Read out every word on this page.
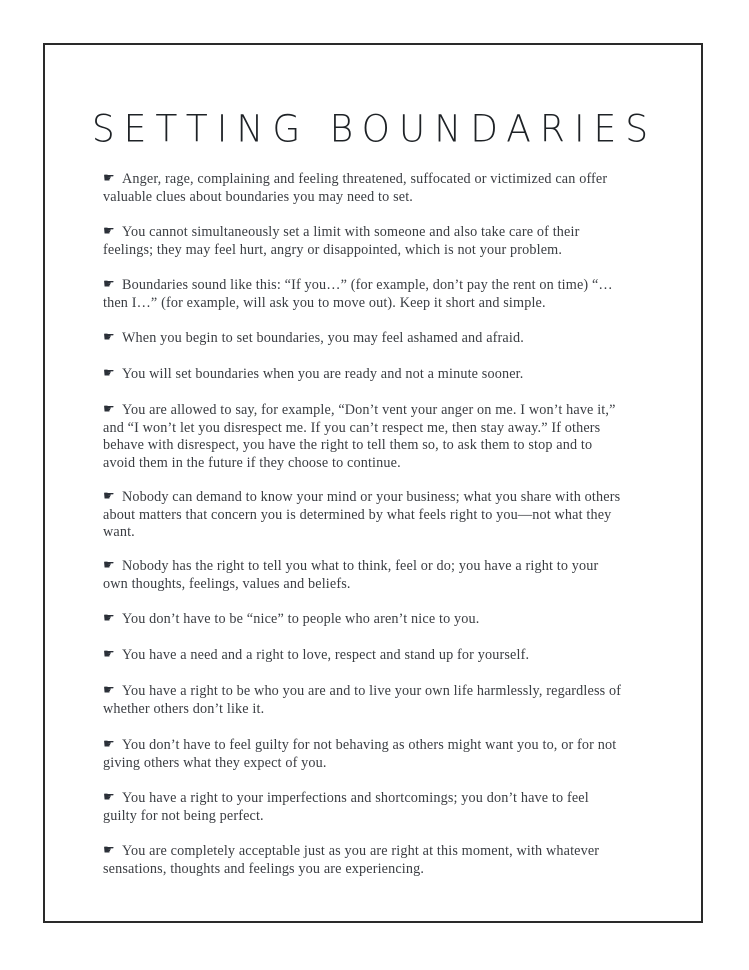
SETTING BOUNDARIES
☛ Anger, rage, complaining and feeling threatened, suffocated or victimized can offer valuable clues about boundaries you may need to set.
☛ You cannot simultaneously set a limit with someone and also take care of their feelings; they may feel hurt, angry or disappointed, which is not your problem.
☛ Boundaries sound like this: “If you…” (for example, don’t pay the rent on time) “…then I…” (for example, will ask you to move out). Keep it short and simple.
☛ When you begin to set boundaries, you may feel ashamed and afraid.
☛ You will set boundaries when you are ready and not a minute sooner.
☛ You are allowed to say, for example, “Don’t vent your anger on me. I won’t have it,” and “I won’t let you disrespect me. If you can’t respect me, then stay away.” If others behave with disrespect, you have the right to tell them so, to ask them to stop and to avoid them in the future if they choose to continue.
☛ Nobody can demand to know your mind or your business; what you share with others about matters that concern you is determined by what feels right to you—not what they want.
☛ Nobody has the right to tell you what to think, feel or do; you have a right to your own thoughts, feelings, values and beliefs.
☛ You don’t have to be “nice” to people who aren’t nice to you.
☛ You have a need and a right to love, respect and stand up for yourself.
☛ You have a right to be who you are and to live your own life harmlessly, regardless of whether others don’t like it.
☛ You don’t have to feel guilty for not behaving as others might want you to, or for not giving others what they expect of you.
☛ You have a right to your imperfections and shortcomings; you don’t have to feel guilty for not being perfect.
☛ You are completely acceptable just as you are right at this moment, with whatever sensations, thoughts and feelings you are experiencing.
